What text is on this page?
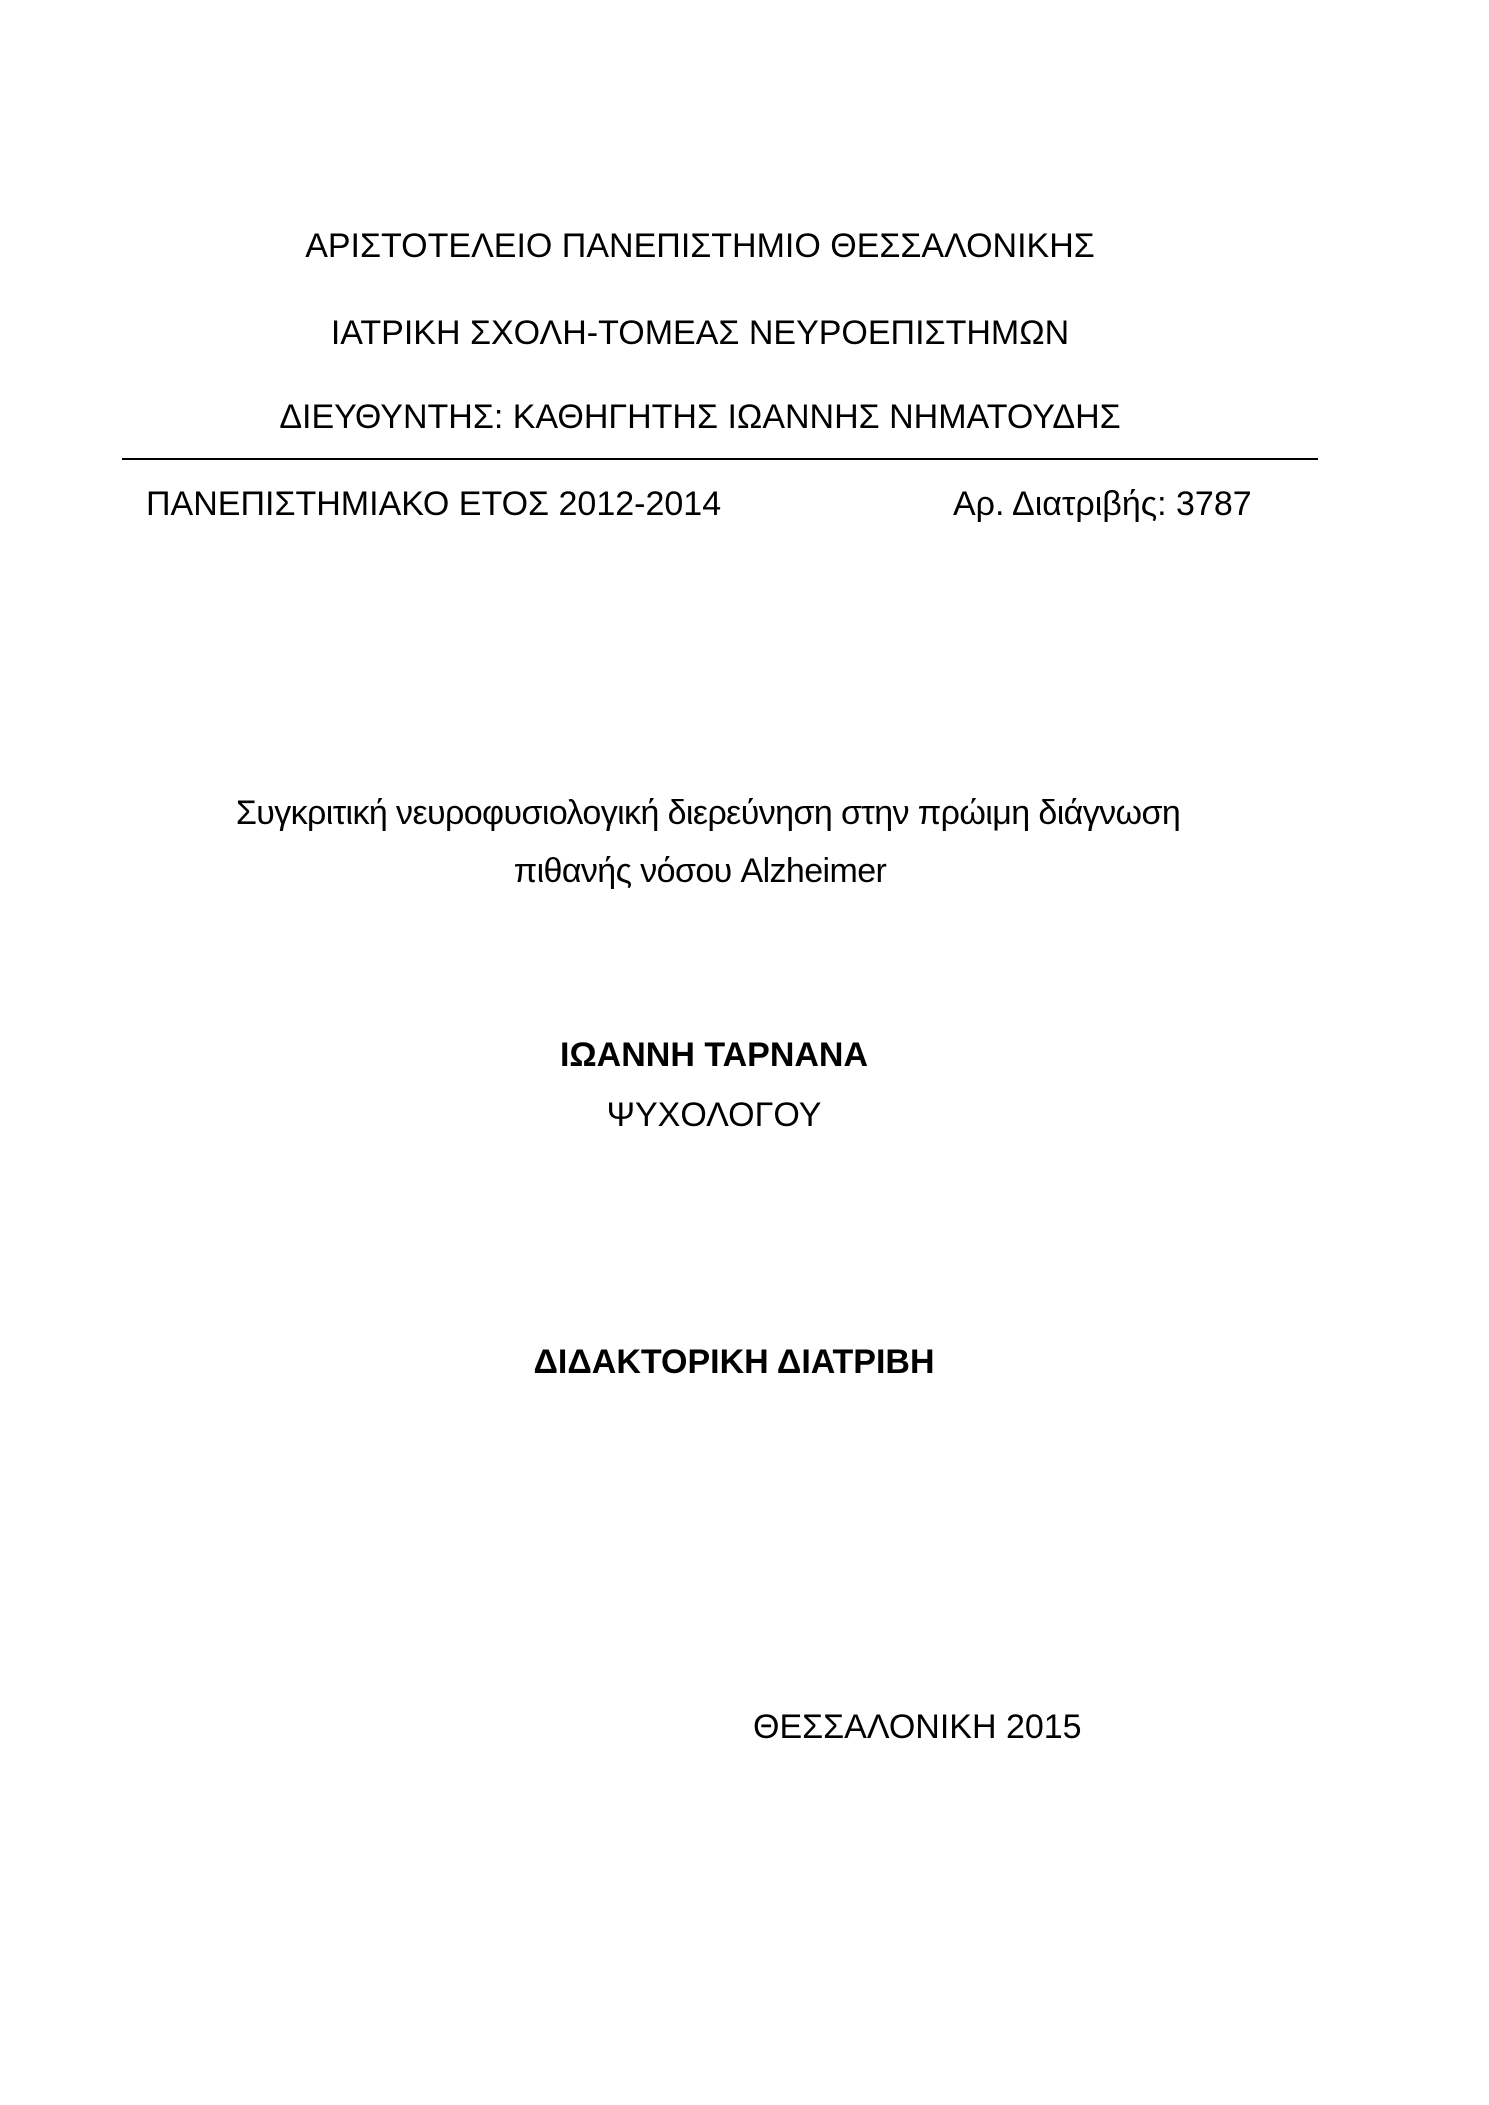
ΑΡΙΣΤΟΤΕΛΕΙΟ ΠΑΝΕΠΙΣΤΗΜΙΟ ΘΕΣΣΑΛΟΝΙΚΗΣ
ΙΑΤΡΙΚΗ ΣΧΟΛΗ-ΤΟΜΕΑΣ ΝΕΥΡΟΕΠΙΣΤΗΜΩΝ
ΔΙΕΥΘΥΝΤΗΣ: ΚΑΘΗΓΗΤΗΣ ΙΩΑΝΝΗΣ ΝΗΜΑΤΟΥΔΗΣ
ΠΑΝΕΠΙΣΤΗΜΙΑΚΟ ΕΤΟΣ 2012-2014	Αρ. Διατριβής: 3787
Συγκριτική νευροφυσιολογική διερεύνηση στην πρώιμη διάγνωση
πιθανής νόσου Alzheimer
ΙΩΑΝΝΗ ΤΑΡΝΑΝΑ
ΨΥΧΟΛΟΓΟΥ
ΔΙΔΑΚΤΟΡΙΚΗ ΔΙΑΤΡΙΒΗ
ΘΕΣΣΑΛΟΝΙΚΗ 2015
